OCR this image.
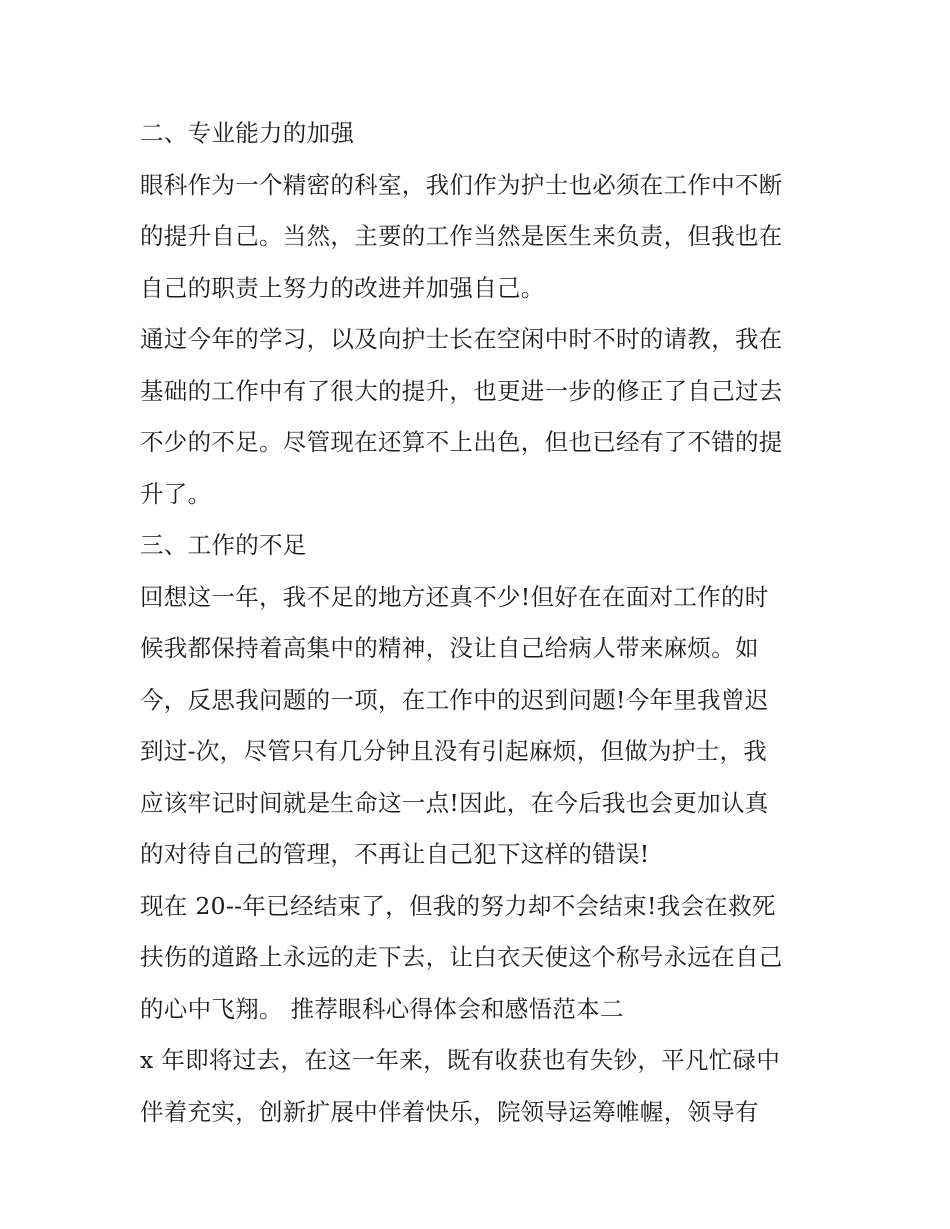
二、专业能力的加强
眼科作为一个精密的科室，我们作为护士也必须在工作中不断
的提升自己。当然，主要的工作当然是医生来负责，但我也在
自己的职责上努力的改进并加强自己。
通过今年的学习，以及向护士长在空闲中时不时的请教，我在
基础的工作中有了很大的提升，也更进一步的修正了自己过去
不少的不足。尽管现在还算不上出色，但也已经有了不错的提
升了。
三、工作的不足
回想这一年，我不足的地方还真不少!但好在在面对工作的时
候我都保持着高集中的精神，没让自己给病人带来麻烦。如
今，反思我问题的一项，在工作中的迟到问题!今年里我曾迟
到过-次，尽管只有几分钟且没有引起麻烦，但做为护士，我
应该牢记时间就是生命这一点!因此，在今后我也会更加认真
的对待自己的管理，不再让自己犯下这样的错误!
现在 20--年已经结束了，但我的努力却不会结束!我会在救死
扶伤的道路上永远的走下去，让白衣天使这个称号永远在自己
的心中飞翔。 推荐眼科心得体会和感悟范本二
x 年即将过去，在这一年来，既有收获也有失钞，平凡忙碌中
伴着充实，创新扩展中伴着快乐，院领导运筹帷幄，领导有
